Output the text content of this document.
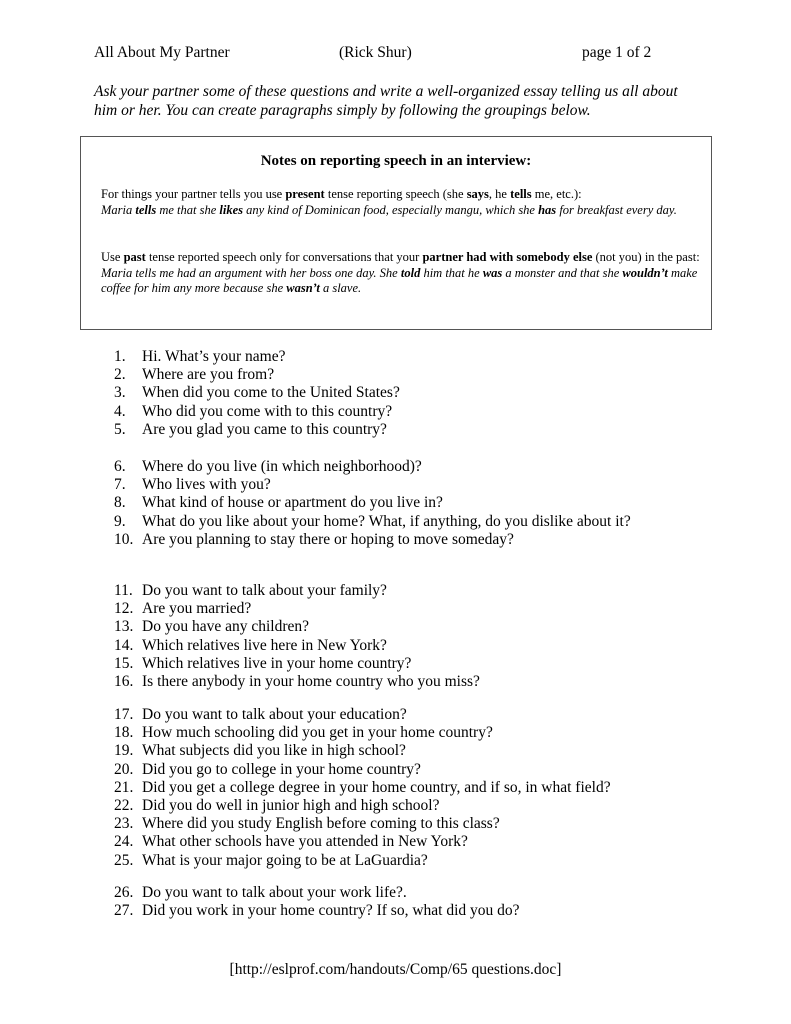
All About My Partner	(Rick Shur)	page 1 of 2
Ask your partner some of these questions and write a well-organized essay telling us all about him or her. You can create paragraphs simply by following the groupings below.
Notes on reporting speech in an interview:
For things your partner tells you use present tense reporting speech (she says, he tells me, etc.):
Maria tells me that she likes any kind of Dominican food, especially mangu, which she has for breakfast every day.
Use past tense reported speech only for conversations that your partner had with somebody else (not you) in the past:
Maria tells me had an argument with her boss one day. She told him that he was a monster and that she wouldn’t make coffee for him any more because she wasn’t a slave.
1. Hi. What’s your name?
2. Where are you from?
3. When did you come to the United States?
4. Who did you come with to this country?
5. Are you glad you came to this country?
6. Where do you live (in which neighborhood)?
7. Who lives with you?
8. What kind of house or apartment do you live in?
9. What do you like about your home? What, if anything, do you dislike about it?
10. Are you planning to stay there or hoping to move someday?
11. Do you want to talk about your family?
12. Are you married?
13. Do you have any children?
14. Which relatives live here in New York?
15. Which relatives live in your home country?
16. Is there anybody in your home country who you miss?
17. Do you want to talk about your education?
18. How much schooling did you get in your home country?
19. What subjects did you like in high school?
20. Did you go to college in your home country?
21. Did you get a college degree in your home country, and if so, in what field?
22. Did you do well in junior high and high school?
23. Where did you study English before coming to this class?
24. What other schools have you attended in New York?
25. What is your major going to be at LaGuardia?
26. Do you want to talk about your work life?.
27. Did you work in your home country? If so, what did you do?
[http://eslprof.com/handouts/Comp/65 questions.doc]
